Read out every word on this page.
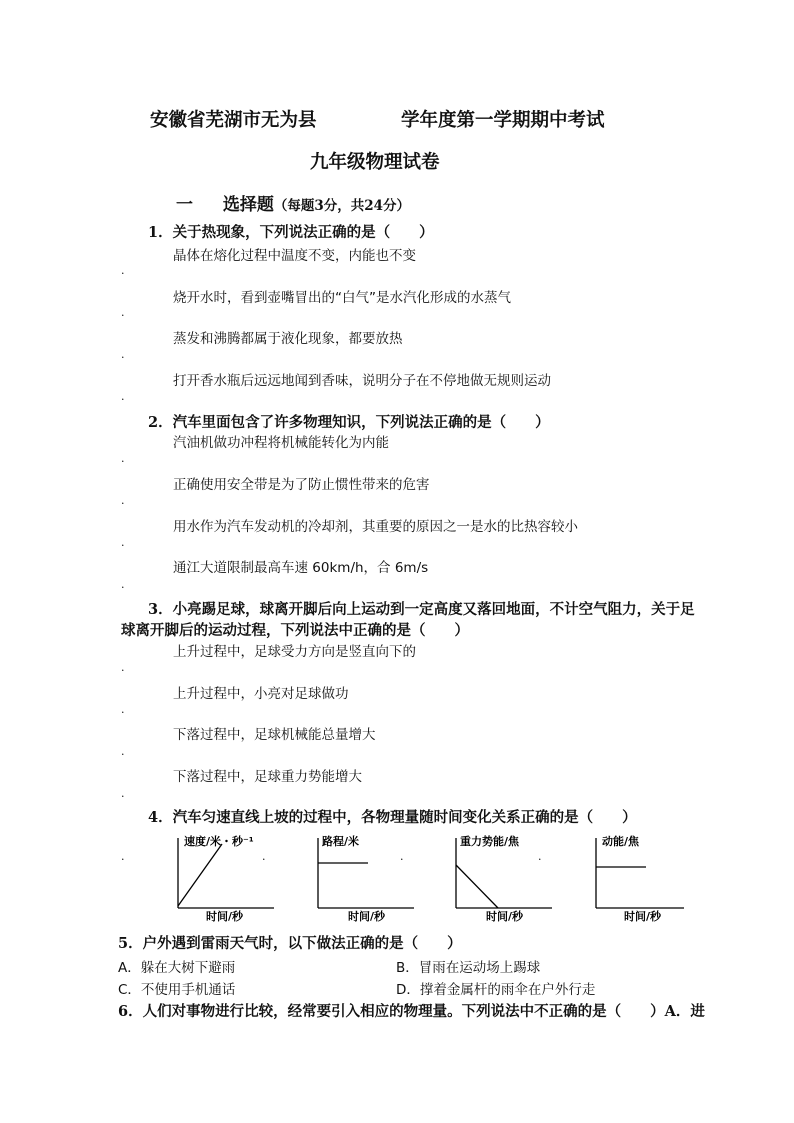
安徽省芜湖市无为县	学年度第一学期期中考试
九年级物理试卷
一 选择题（每题3分，共24分）
1．关于热现象，下列说法正确的是（　　）
晶体在熔化过程中温度不变，内能也不变
.
烧开水时，看到壶嘴冒出的“白气”是水汽化形成的水蒸气
.
蒸发和沸腾都属于液化现象，都要放热
.
打开香水瓶后远远地闻到香味，说明分子在不停地做无规则运动
.
2．汽车里面包含了许多物理知识，下列说法正确的是（　　）
汽油机做功冲程将机械能转化为内能
.
正确使用安全带是为了防止惯性带来的危害
.
用水作为汽车发动机的冷却剂，其重要的原因之一是水的比热容较小
.
通江大道限制最高车速 60km/h，合 6m/s
.
3．小亮踢足球，球离开脚后向上运动到一定高度又落回地面，不计空气阻力，关于足
球离开脚后的运动过程，下列说法中正确的是（　　）
上升过程中，足球受力方向是竖直向下的
.
上升过程中，小亮对足球做功
.
下落过程中，足球机械能总量增大
.
下落过程中，足球重力势能增大
.
4．汽车匀速直线上坡的过程中，各物理量随时间变化关系正确的是（　　）
.	.	.	.
速度/米・秒⁻¹
时间/秒
路程/米
时间/秒
重力势能/焦
时间/秒
动能/焦
时间/秒
5．户外遇到雷雨天气时，以下做法正确的是（　　）
A．躲在大树下避雨	B．冒雨在运动场上踢球
C．不使用手机通话	D．撑着金属杆的雨伞在户外行走
6．人们对事物进行比较，经常要引入相应的物理量。下列说法中不正确的是（　　）A．进
